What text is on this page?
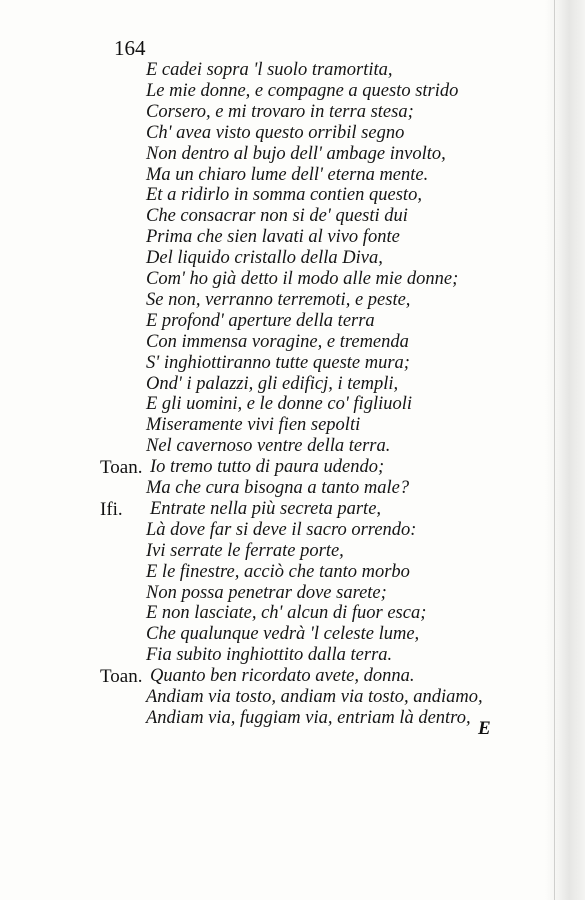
164
E cadei sopra 'l suolo tramortita,
Le mie donne, e compagne a questo strido
Corsero, e mi trovaro in terra stesa;
Ch' avea visto questo orribil segno
Non dentro al bujo dell' ambage involto,
Ma un chiaro lume dell' eterna mente.
Et a ridirlo in somma contien questo,
Che consacrar non si de' questi dui
Prima che sien lavati al vivo fonte
Del liquido cristallo della Diva,
Com' ho già detto il modo alle mie donne;
Se non, verranno terremoti, e peste,
E profond' aperture della terra
Con immensa voragine, e tremenda
S' inghiottiranno tutte queste mura;
Ond' i palazzi, gli edificj, i templi,
E gli uomini, e le donne co' figliuoli
Miseramente vivi fien sepolti
Nel cavernoso ventre della terra.
Toan. Io tremo tutto di paura udendo;
Ma che cura bisogna a tanto male?
Ifi. Entrate nella più secreta parte,
Là dove far si deve il sacro orrendo:
Ivi serrate le ferrate porte,
E le finestre, acciò che tanto morbo
Non possa penetrar dove sarete;
E non lasciate, ch' alcun di fuor esca;
Che qualunque vedrà 'l celeste lume,
Fia subito inghiottito dalla terra.
Toan. Quanto ben ricordato avete, donna.
Andiam via tosto, andiam via tosto, andiamo,
Andiam via, fuggiam via, entriam là dentro, E
